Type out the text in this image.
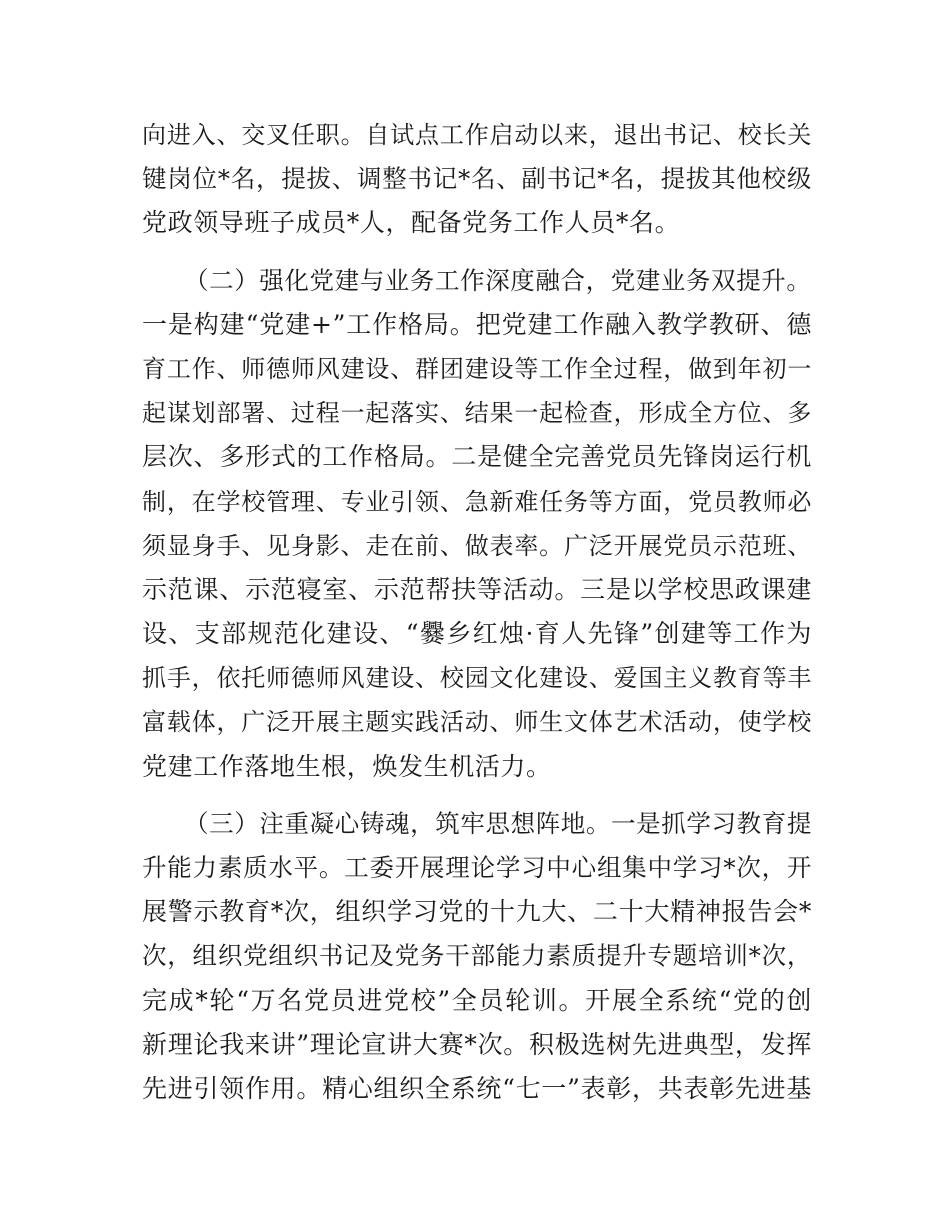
向进入、交叉任职。自试点工作启动以来，退出书记、校长关
键岗位*名，提拔、调整书记*名、副书记*名，提拔其他校级
党政领导班子成员*人，配备党务工作人员*名。
（二）强化党建与业务工作深度融合，党建业务双提升。
一是构建“党建+”工作格局。把党建工作融入教学教研、德
育工作、师德师风建设、群团建设等工作全过程，做到年初一
起谋划部署、过程一起落实、结果一起检查，形成全方位、多
层次、多形式的工作格局。二是健全完善党员先锋岗运行机
制，在学校管理、专业引领、急新难任务等方面，党员教师必
须显身手、见身影、走在前、做表率。广泛开展党员示范班、
示范课、示范寝室、示范帮扶等活动。三是以学校思政课建
设、支部规范化建设、“爨乡红烛·育人先锋”创建等工作为
抓手，依托师德师风建设、校园文化建设、爱国主义教育等丰
富载体，广泛开展主题实践活动、师生文体艺术活动，使学校
党建工作落地生根，焕发生机活力。
（三）注重凝心铸魂，筑牢思想阵地。一是抓学习教育提
升能力素质水平。工委开展理论学习中心组集中学习*次，开
展警示教育*次，组织学习党的十九大、二十大精神报告会*
次，组织党组织书记及党务干部能力素质提升专题培训*次，
完成*轮“万名党员进党校”全员轮训。开展全系统“党的创
新理论我来讲”理论宣讲大赛*次。积极选树先进典型，发挥
先进引领作用。精心组织全系统“七一”表彰，共表彰先进基
